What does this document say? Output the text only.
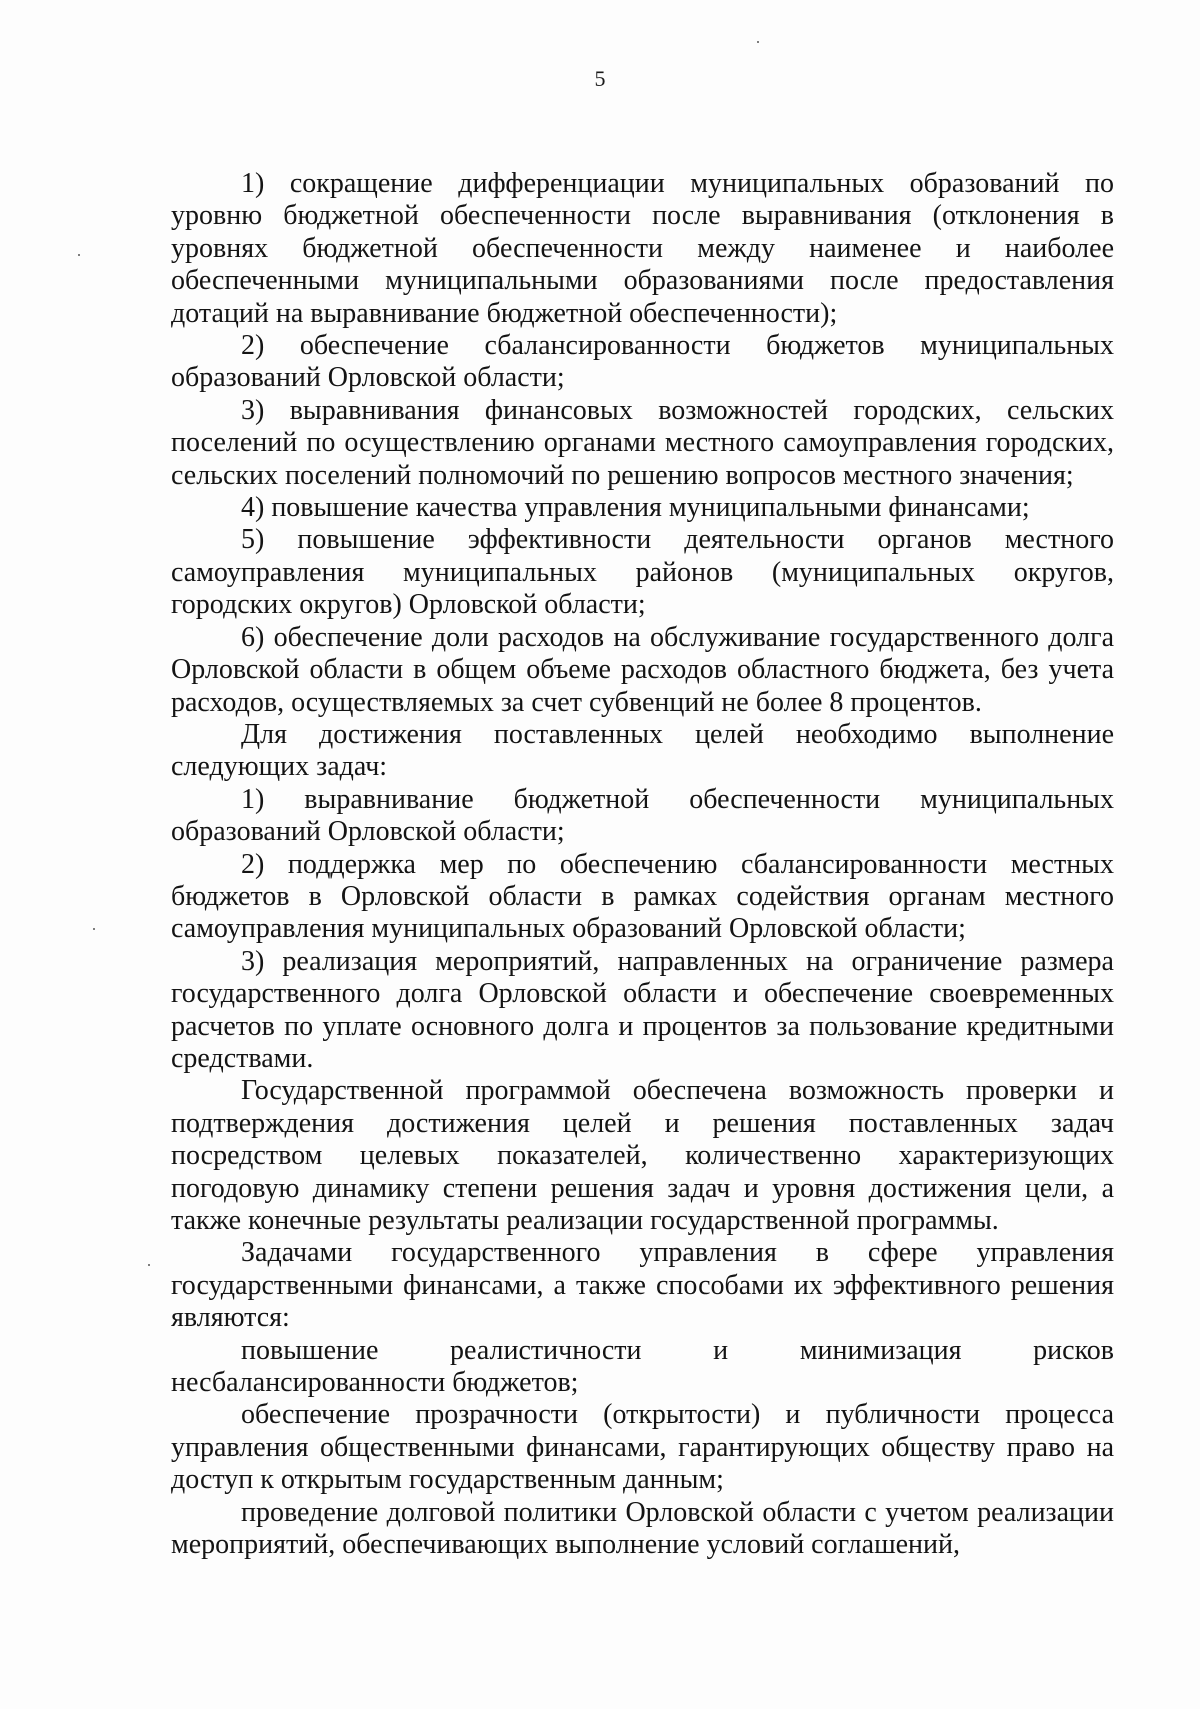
5

1) сокращение дифференциации муниципальных образований по уровню бюджетной обеспеченности после выравнивания (отклонения в уровнях бюджетной обеспеченности между наименее и наиболее обеспеченными муниципальными образованиями после предоставления дотаций на выравнивание бюджетной обеспеченности);

2) обеспечение сбалансированности бюджетов муниципальных образований Орловской области;

3) выравнивания финансовых возможностей городских, сельских поселений по осуществлению органами местного самоуправления городских, сельских поселений полномочий по решению вопросов местного значения;

4) повышение качества управления муниципальными финансами;

5) повышение эффективности деятельности органов местного самоуправления муниципальных районов (муниципальных округов, городских округов) Орловской области;

6) обеспечение доли расходов на обслуживание государственного долга Орловской области в общем объеме расходов областного бюджета, без учета расходов, осуществляемых за счет субвенций не более 8 процентов.

Для достижения поставленных целей необходимо выполнение следующих задач:

1) выравнивание бюджетной обеспеченности муниципальных образований Орловской области;

2) поддержка мер по обеспечению сбалансированности местных бюджетов в Орловской области в рамках содействия органам местного самоуправления муниципальных образований Орловской области;

3) реализация мероприятий, направленных на ограничение размера государственного долга Орловской области и обеспечение своевременных расчетов по уплате основного долга и процентов за пользование кредитными средствами.

Государственной программой обеспечена возможность проверки и подтверждения достижения целей и решения поставленных задач посредством целевых показателей, количественно характеризующих погодовую динамику степени решения задач и уровня достижения цели, а также конечные результаты реализации государственной программы.

Задачами государственного управления в сфере управления государственными финансами, а также способами их эффективного решения являются:

повышение реалистичности и минимизация рисков несбалансированности бюджетов;

обеспечение прозрачности (открытости) и публичности процесса управления общественными финансами, гарантирующих обществу право на доступ к открытым государственным данным;

проведение долговой политики Орловской области с учетом реализации мероприятий, обеспечивающих выполнение условий соглашений,
